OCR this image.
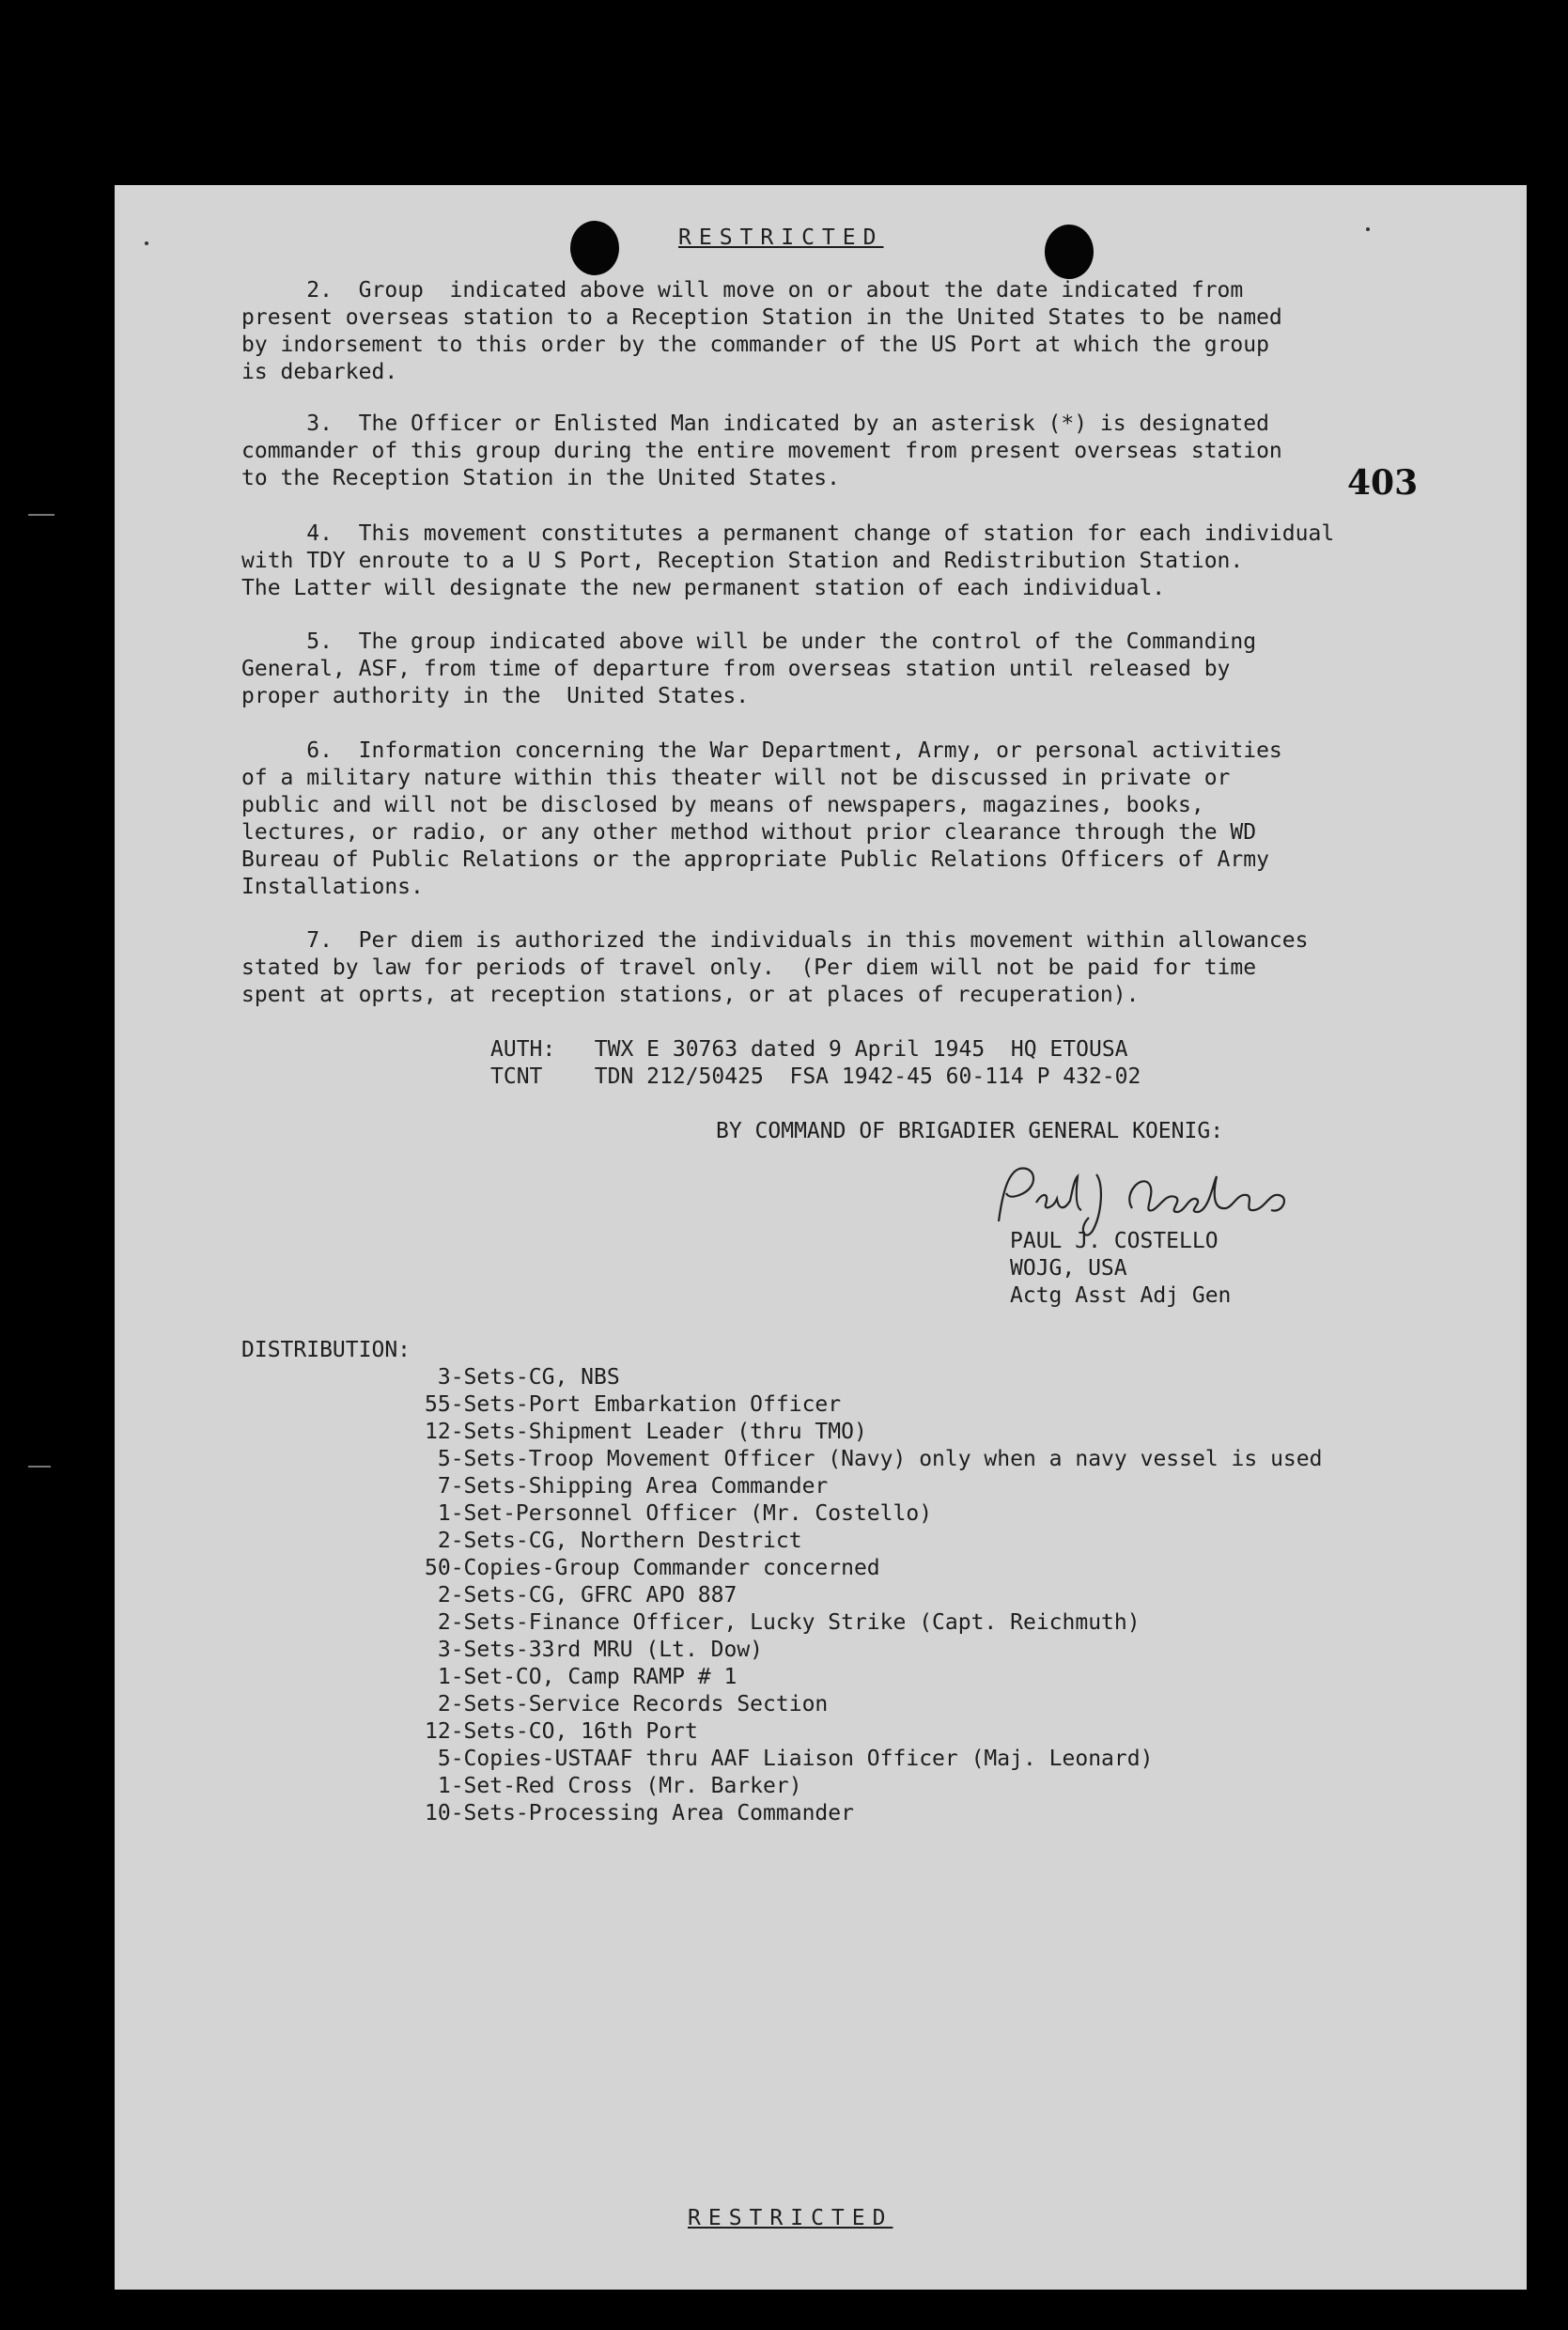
RESTRICTED
403
2.  Group  indicated above will move on or about the date indicated from
present overseas station to a Reception Station in the United States to be named
by indorsement to this order by the commander of the US Port at which the group
is debarked.
3.  The Officer or Enlisted Man indicated by an asterisk (*) is designated
commander of this group during the entire movement from present overseas station
to the Reception Station in the United States.
4.  This movement constitutes a permanent change of station for each individual
with TDY enroute to a U S Port, Reception Station and Redistribution Station.
The Latter will designate the new permanent station of each individual.
5.  The group indicated above will be under the control of the Commanding
General, ASF, from time of departure from overseas station until released by
proper authority in the  United States.
6.  Information concerning the War Department, Army, or personal activities
of a military nature within this theater will not be discussed in private or
public and will not be disclosed by means of newspapers, magazines, books,
lectures, or radio, or any other method without prior clearance through the WD
Bureau of Public Relations or the appropriate Public Relations Officers of Army
Installations.
7.  Per diem is authorized the individuals in this movement within allowances
stated by law for periods of travel only.  (Per diem will not be paid for time
spent at oprts, at reception stations, or at places of recuperation).
AUTH:   TWX E 30763 dated 9 April 1945  HQ ETOUSA
TCNT    TDN 212/50425  FSA 1942-45 60-114 P 432-02
BY COMMAND OF BRIGADIER GENERAL KOENIG:
PAUL J. COSTELLO
WOJG, USA
Actg Asst Adj Gen
DISTRIBUTION:
3-Sets-CG, NBS
55-Sets-Port Embarkation Officer
12-Sets-Shipment Leader (thru TMO)
5-Sets-Troop Movement Officer (Navy) only when a navy vessel is used
7-Sets-Shipping Area Commander
1-Set-Personnel Officer (Mr. Costello)
2-Sets-CG, Northern Destrict
50-Copies-Group Commander concerned
2-Sets-CG, GFRC APO 887
2-Sets-Finance Officer, Lucky Strike (Capt. Reichmuth)
3-Sets-33rd MRU (Lt. Dow)
1-Set-CO, Camp RAMP # 1
2-Sets-Service Records Section
12-Sets-CO, 16th Port
5-Copies-USTAAF thru AAF Liaison Officer (Maj. Leonard)
1-Set-Red Cross (Mr. Barker)
10-Sets-Processing Area Commander
RESTRICTED
